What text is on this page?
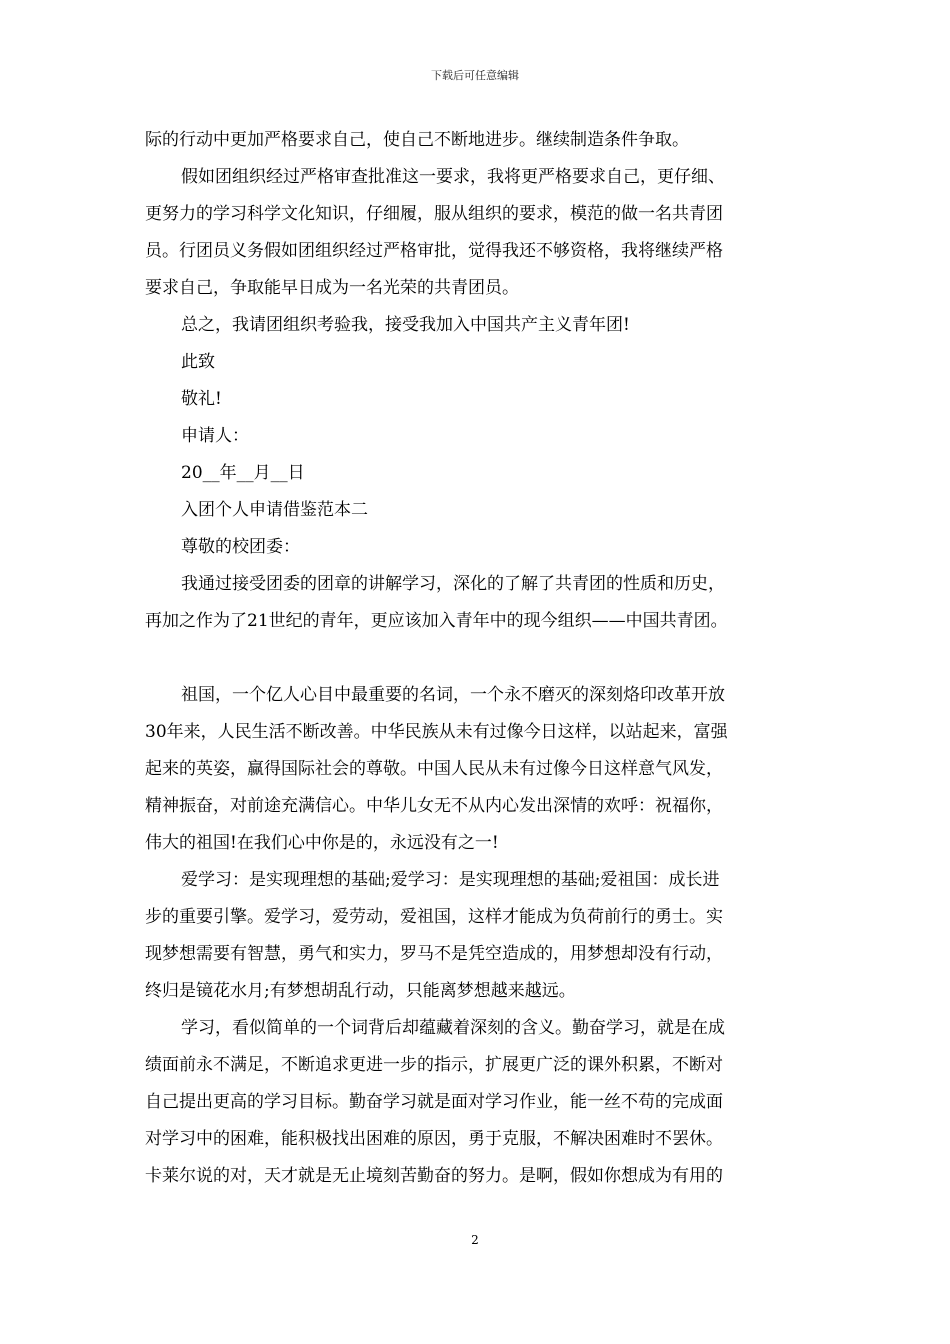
下载后可任意编辑
际的行动中更加严格要求自己，使自己不断地进步。继续制造条件争取。
假如团组织经过严格审查批准这一要求，我将更严格要求自己，更仔细、
更努力的学习科学文化知识，仔细履，服从组织的要求，模范的做一名共青团
员。行团员义务假如团组织经过严格审批，觉得我还不够资格，我将继续严格
要求自己，争取能早日成为一名光荣的共青团员。
总之，我请团组织考验我，接受我加入中国共产主义青年团!
此致
敬礼!
申请人：
20__年__月__日
入团个人申请借鉴范本二
尊敬的校团委：
我通过接受团委的团章的讲解学习，深化的了解了共青团的性质和历史，
再加之作为了21世纪的青年，更应该加入青年中的现今组织——中国共青团。
祖国，一个亿人心目中最重要的名词，一个永不磨灭的深刻烙印改革开放
30年来，人民生活不断改善。中华民族从未有过像今日这样，以站起来，富强
起来的英姿，赢得国际社会的尊敬。中国人民从未有过像今日这样意气风发，
精神振奋，对前途充满信心。中华儿女无不从内心发出深情的欢呼：祝福你，
伟大的祖国!在我们心中你是的，永远没有之一!
爱学习：是实现理想的基础;爱学习：是实现理想的基础;爱祖国：成长进
步的重要引擎。爱学习，爱劳动，爱祖国，这样才能成为负荷前行的勇士。实
现梦想需要有智慧，勇气和实力，罗马不是凭空造成的，用梦想却没有行动，
终归是镜花水月;有梦想胡乱行动，只能离梦想越来越远。
学习，看似简单的一个词背后却蕴藏着深刻的含义。勤奋学习，就是在成
绩面前永不满足，不断追求更进一步的指示，扩展更广泛的课外积累，不断对
自己提出更高的学习目标。勤奋学习就是面对学习作业，能一丝不苟的完成面
对学习中的困难，能积极找出困难的原因，勇于克服，不解决困难时不罢休。
卡莱尔说的对，天才就是无止境刻苦勤奋的努力。是啊，假如你想成为有用的
2
